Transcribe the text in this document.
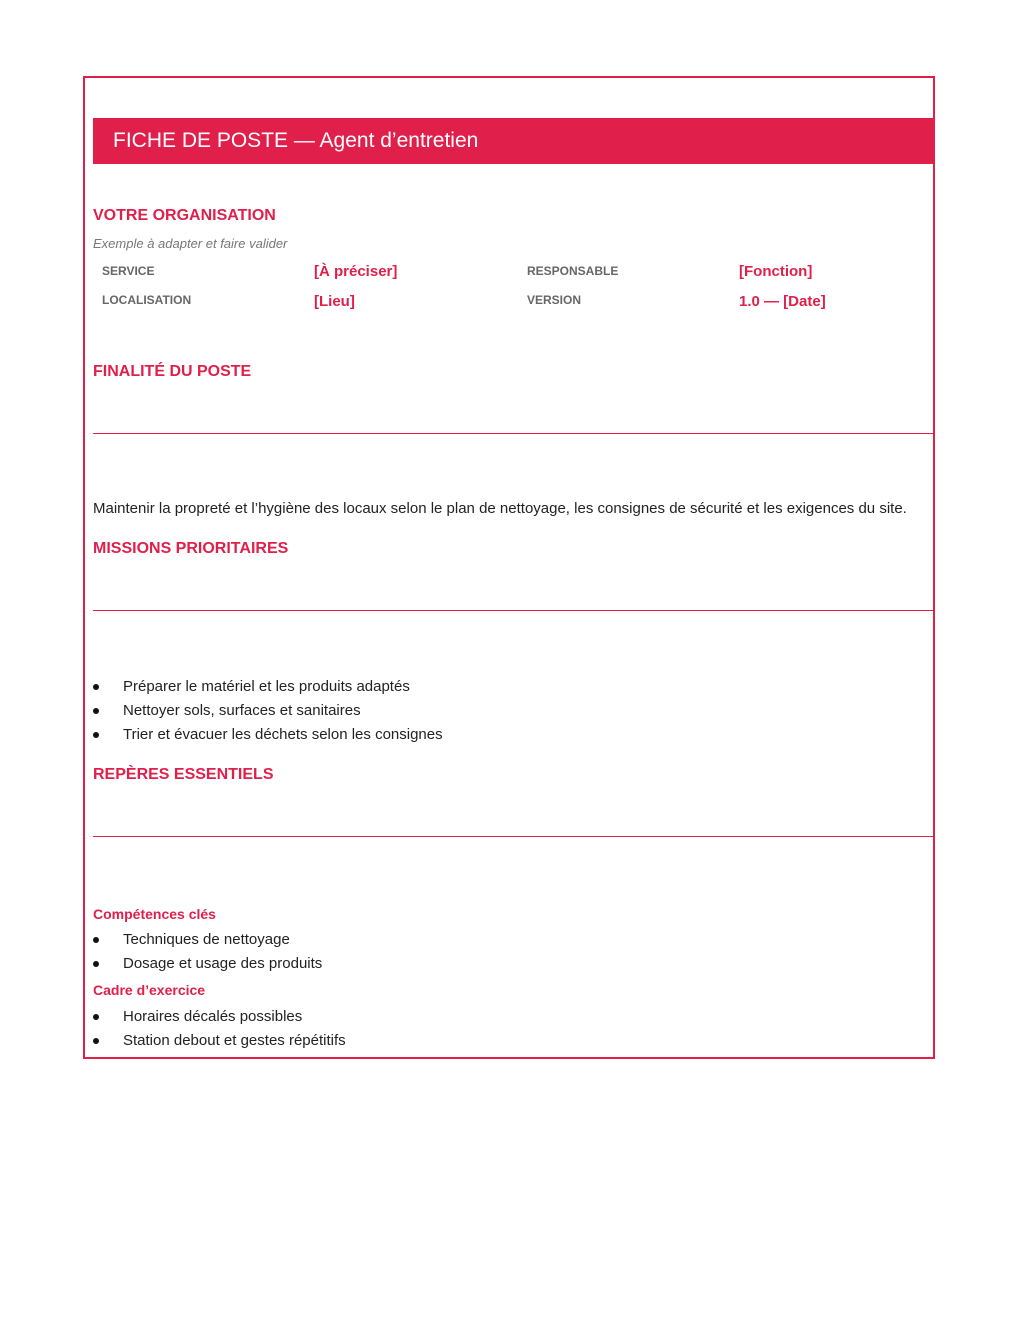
FICHE DE POSTE — Agent d’entretien
VOTRE ORGANISATION
Exemple à adapter et faire valider
SERVICE	[À préciser]	RESPONSABLE	[Fonction]
LOCALISATION	[Lieu]	VERSION	1.0 — [Date]
FINALITÉ DU POSTE
Maintenir la propreté et l’hygiène des locaux selon le plan de nettoyage, les consignes de sécurité et les exigences du site.
MISSIONS PRIORITAIRES
Préparer le matériel et les produits adaptés
Nettoyer sols, surfaces et sanitaires
Trier et évacuer les déchets selon les consignes
REPÈRES ESSENTIELS
Compétences clés
Techniques de nettoyage
Dosage et usage des produits
Cadre d’exercice
Horaires décalés possibles
Station debout et gestes répétitifs
